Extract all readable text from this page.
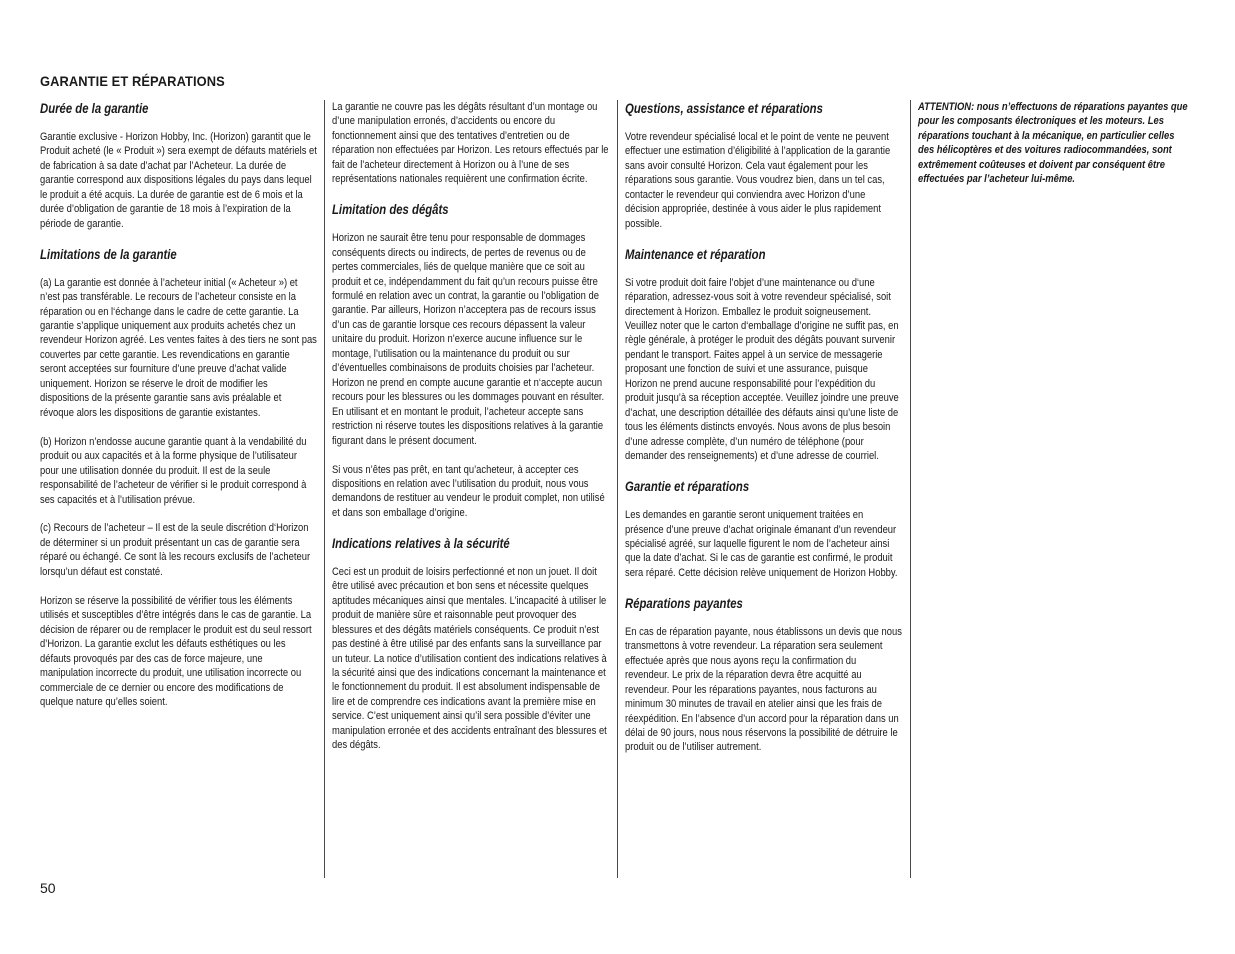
GARANTIE ET RÉPARATIONS
Durée de la garantie

Garantie exclusive - Horizon Hobby, Inc. (Horizon) garantit que le Produit acheté (le « Produit ») sera exempt de défauts matériels et de fabrication à sa date d’achat par l’Acheteur. La durée de garantie correspond aux dispositions légales du pays dans lequel le produit a été acquis. La durée de garantie est de 6 mois et la durée d’obligation de garantie de 18 mois à l’expiration de la période de garantie.

Limitations de la garantie

(a) La garantie est donnée à l’acheteur initial (« Acheteur ») et n’est pas transférable. Le recours de l’acheteur consiste en la réparation ou en l‘échange dans le cadre de cette garantie. La garantie s’applique uniquement aux produits achetés chez un revendeur Horizon agréé. Les ventes faites à des tiers ne sont pas couvertes par cette garantie. Les revendications en garantie seront acceptées sur fourniture d’une preuve d’achat valide uniquement. Horizon se réserve le droit de modifier les dispositions de la présente garantie sans avis préalable et révoque alors les dispositions de garantie existantes.

(b) Horizon n’endosse aucune garantie quant à la vendabilité du produit ou aux capacités et à la forme physique de l’utilisateur pour une utilisation donnée du produit. Il est de la seule responsabilité de l’acheteur de vérifier si le produit correspond à ses capacités et à l’utilisation prévue.

(c) Recours de l’acheteur – Il est de la seule discrétion d‘Horizon de déterminer si un produit présentant un cas de garantie sera réparé ou échangé. Ce sont là les recours exclusifs de l’acheteur lorsqu’un défaut est constaté.

Horizon se réserve la possibilité de vérifier tous les éléments utilisés et susceptibles d’être intégrés dans le cas de garantie. La décision de réparer ou de remplacer le produit est du seul ressort d’Horizon. La garantie exclut les défauts esthétiques ou les défauts provoqués par des cas de force majeure, une manipulation incorrecte du produit, une utilisation incorrecte ou commerciale de ce dernier ou encore des modifications de quelque nature qu’elles soient.

La garantie ne couvre pas les dégâts résultant d’un montage ou d’une manipulation erronés, d’accidents ou encore du fonctionnement ainsi que des tentatives d’entretien ou de réparation non effectuées par Horizon. Les retours effectués par le fait de l’acheteur directement à Horizon ou à l’une de ses représentations nationales requièrent une confirmation écrite.

Limitation des dégâts

Horizon ne saurait être tenu pour responsable de dommages conséquents directs ou indirects, de pertes de revenus ou de pertes commerciales, liés de quelque manière que ce soit au produit et ce, indépendamment du fait qu’un recours puisse être formulé en relation avec un contrat, la garantie ou l’obligation de garantie. Par ailleurs, Horizon n’acceptera pas de recours issus d’un cas de garantie lorsque ces recours dépassent la valeur unitaire du produit. Horizon n’exerce aucune influence sur le montage, l’utilisation ou la maintenance du produit ou sur d’éventuelles combinaisons de produits choisies par l’acheteur. Horizon ne prend en compte aucune garantie et n‘accepte aucun recours pour les blessures ou les dommages pouvant en résulter. En utilisant et en montant le produit, l’acheteur accepte sans restriction ni réserve toutes les dispositions relatives à la garantie figurant dans le présent document.

Si vous n’êtes pas prêt, en tant qu’acheteur, à accepter ces dispositions en relation avec l’utilisation du produit, nous vous demandons de restituer au vendeur le produit complet, non utilisé et dans son emballage d’origine.

Indications relatives à la sécurité

Ceci est un produit de loisirs perfectionné et non un jouet. Il doit être utilisé avec précaution et bon sens et nécessite quelques aptitudes mécaniques ainsi que mentales. L’incapacité à utiliser le produit de manière sûre et raisonnable peut provoquer des blessures et des dégâts matériels conséquents. Ce produit n’est pas destiné à être utilisé par des enfants sans la surveillance par un tuteur. La notice d’utilisation contient des indications relatives à la sécurité ainsi que des indications concernant la maintenance et le fonctionnement du produit. Il est absolument indispensable de lire et de comprendre ces indications avant la première mise en service. C’est uniquement ainsi qu’il sera possible d’éviter une manipulation erronée et des accidents entraînant des blessures et des dégâts.

Questions, assistance et réparations

Votre revendeur spécialisé local et le point de vente ne peuvent effectuer une estimation d’éligibilité à l’application de la garantie sans avoir consulté Horizon. Cela vaut également pour les réparations sous garantie. Vous voudrez bien, dans un tel cas, contacter le revendeur qui conviendra avec Horizon d’une décision appropriée, destinée à vous aider le plus rapidement possible.

Maintenance et réparation

Si votre produit doit faire l’objet d’une maintenance ou d‘une réparation, adressez-vous soit à votre revendeur spécialisé, soit directement à Horizon. Emballez le produit soigneusement. Veuillez noter que le carton d‘emballage d’origine ne suffit pas, en règle générale, à protéger le produit des dégâts pouvant survenir pendant le transport. Faites appel à un service de messagerie proposant une fonction de suivi et une assurance, puisque Horizon ne prend aucune responsabilité pour l’expédition du produit jusqu’à sa réception acceptée. Veuillez joindre une preuve d’achat, une description détaillée des défauts ainsi qu’une liste de tous les éléments distincts envoyés. Nous avons de plus besoin d’une adresse complète, d’un numéro de téléphone (pour demander des renseignements) et d’une adresse de courriel.

Garantie et réparations

Les demandes en garantie seront uniquement traitées en présence d’une preuve d’achat originale émanant d’un revendeur spécialisé agréé, sur laquelle figurent le nom de l’acheteur ainsi que la date d’achat. Si le cas de garantie est confirmé, le produit sera réparé. Cette décision relève uniquement de Horizon Hobby.

Réparations payantes

En cas de réparation payante, nous établissons un devis que nous transmettons à votre revendeur. La réparation sera seulement effectuée après que nous ayons reçu la confirmation du revendeur. Le prix de la réparation devra être acquitté au revendeur. Pour les réparations payantes, nous facturons au minimum 30 minutes de travail en atelier ainsi que les frais de réexpédition. En l’absence d’un accord pour la réparation dans un délai de 90 jours, nous nous réservons la possibilité de détruire le produit ou de l’utiliser autrement.

ATTENTION: nous n’effectuons de réparations payantes que pour les composants électroniques et les moteurs. Les réparations touchant à la mécanique, en particulier celles des hélicoptères et des voitures radiocommandées, sont extrêmement coûteuses et doivent par conséquent être effectuées par l’acheteur lui-même.

50
